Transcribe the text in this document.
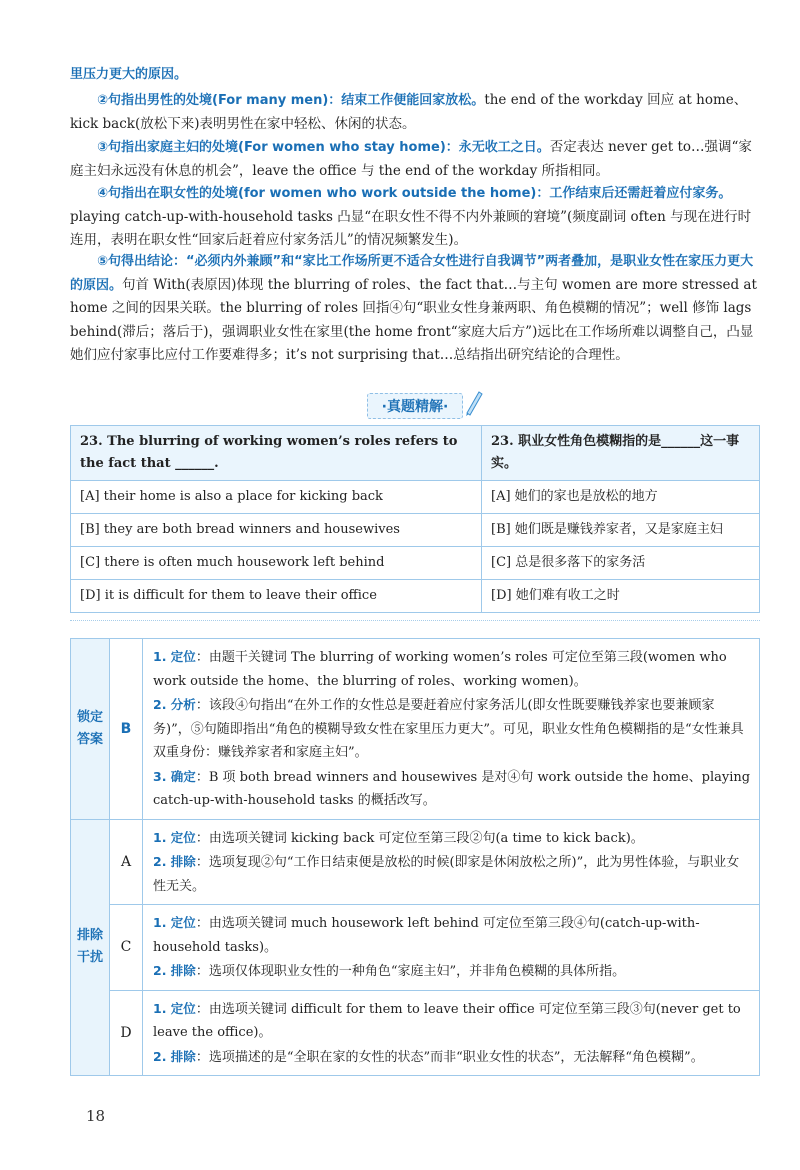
里压力更大的原因。

②句指出男性的处境(For many men)：结束工作便能回家放松。the end of the workday 回应 at home、kick back(放松下来)表明男性在家中轻松、休闲的状态。

③句指出家庭主妇的处境(For women who stay home)：永无收工之日。否定表达 never get to…强调“家庭主妇永远没有休息的机会”，leave the office 与 the end of the workday 所指相同。

④句指出在职女性的处境(for women who work outside the home)：工作结束后还需赶着应付家务。playing catch-up-with-household tasks 凸显“在职女性不得不内外兼顾的窘境”(频度副词 often 与现在进行时连用，表明在职女性“回家后赶着应付家务活儿”的情况频繁发生)。

⑤句得出结论：“必须内外兼顾”和“家比工作场所更不适合女性进行自我调节”两者叠加，是职业女性在家压力更大的原因。句首 With(表原因)体现 the blurring of roles、the fact that…与主句 women are more stressed at home 之间的因果关联。the blurring of roles 回指④句“职业女性身兼两职、角色模糊的情况”；well 修饰 lags behind(滞后；落后于)，强调职业女性在家里(the home front“家庭大后方”)远比在工作场所难以调整自己，凸显她们应付家事比应付工作要难得多；it’s not surprising that…总结指出研究结论的合理性。

·真题精解·
23. The blurring of working women’s roles refers to the fact that ______.	23. 职业女性角色模糊指的是______这一事实。
[A] their home is also a place for kicking back	[A] 她们的家也是放松的地方
[B] they are both bread winners and housewives	[B] 她们既是赚钱养家者，又是家庭主妇
[C] there is often much housework left behind	[C] 总是很多落下的家务活
[D] it is difficult for them to leave their office	[D] 她们难有收工之时
锁定答案	B	1. 定位：由题干关键词 The blurring of working women’s roles 可定位至第三段(women who work outside the home、the blurring of roles、working women)。
2. 分析：该段④句指出“在外工作的女性总是要赶着应付家务活儿(即女性既要赚钱养家也要兼顾家务)”，⑤句随即指出“角色的模糊导致女性在家里压力更大”。可见，职业女性角色模糊指的是“女性兼具双重身份：赚钱养家者和家庭主妇”。
3. 确定：B 项 both bread winners and housewives 是对④句 work outside the home、playing catch-up-with-household tasks 的概括改写。

排除干扰	A	1. 定位：由选项关键词 kicking back 可定位至第三段②句(a time to kick back)。
2. 排除：选项复现②句“工作日结束便是放松的时候(即家是休闲放松之所)”，此为男性体验，与职业女性无关。

	C	1. 定位：由选项关键词 much housework left behind 可定位至第三段④句(catch-up-with-household tasks)。
2. 排除：选项仅体现职业女性的一种角色“家庭主妇”，并非角色模糊的具体所指。

	D	1. 定位：由选项关键词 difficult for them to leave their office 可定位至第三段③句(never get to leave the office)。
2. 排除：选项描述的是“全职在家的女性的状态”而非“职业女性的状态”，无法解释“角色模糊”。
18
